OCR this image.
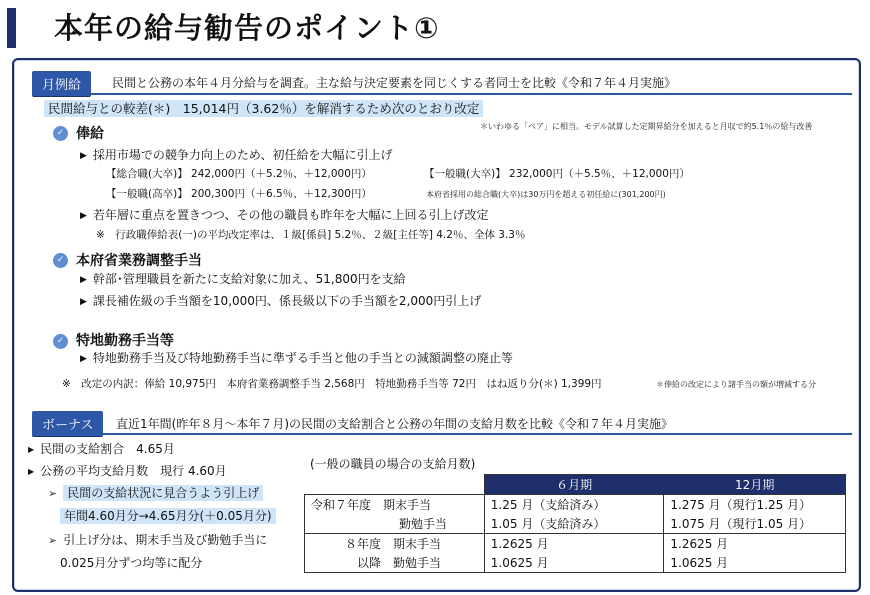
本年の給与勧告のポイント①
月例給	民間と公務の本年４月分給与を調査。主な給与決定要素を同じくする者同士を比較《令和７年４月実施》
民間給与との較差(＊)　15,014円（3.62％）を解消するため次のとおり改定
＊いわゆる「ベア」に相当。モデル試算した定期昇給分を加えると月収で約5.1％の給与改善
✓ 俸給
▶ 採用市場での競争力向上のため、初任給を大幅に引上げ
【総合職(大卒)】 242,000円（＋5.2％、＋12,000円）	【一般職(大卒)】 232,000円（＋5.5％、＋12,000円）
【一般職(高卒)】 200,300円（＋6.5％、＋12,300円）	本府省採用の総合職(大卒)は30万円を超える初任給に(301,200円)
▶ 若年層に重点を置きつつ、その他の職員も昨年を大幅に上回る引上げ改定
※　行政職俸給表(一)の平均改定率は、１級[係員] 5.2％、２級[主任等] 4.2％、全体 3.3％
✓ 本府省業務調整手当
▶ 幹部･管理職員を新たに支給対象に加え、51,800円を支給
▶ 課長補佐級の手当額を10,000円、係長級以下の手当額を2,000円引上げ
✓ 特地勤務手当等
▶ 特地勤務手当及び特地勤務手当に準ずる手当と他の手当との減額調整の廃止等
※　改定の内訳：俸給 10,975円　本府省業務調整手当 2,568円　特地勤務手当等 72円　はね返り分(＊) 1,399円	＊俸給の改定により諸手当の額が増減する分
ボーナス	直近1年間(昨年８月～本年７月)の民間の支給割合と公務の年間の支給月数を比較《令和７年４月実施》
▶ 民間の支給割合　4.65月
▶ 公務の平均支給月数　現行 4.60月
➢ 民間の支給状況に見合うよう引上げ
年間4.60月分→4.65月分(＋0.05月分)
➢ 引上げ分は、期末手当及び勤勉手当に
0.025月分ずつ均等に配分
(一般の職員の場合の支給月数)
	６月期	12月期
令和７年度　 期末手当	1.25 月（支給済み）	1.275 月（現行1.25 月）
勤勉手当	1.05 月（支給済み）	1.075 月（現行1.05 月）
８年度　 期末手当	1.2625 月	1.2625 月
以降　 勤勉手当	1.0625 月	1.0625 月
